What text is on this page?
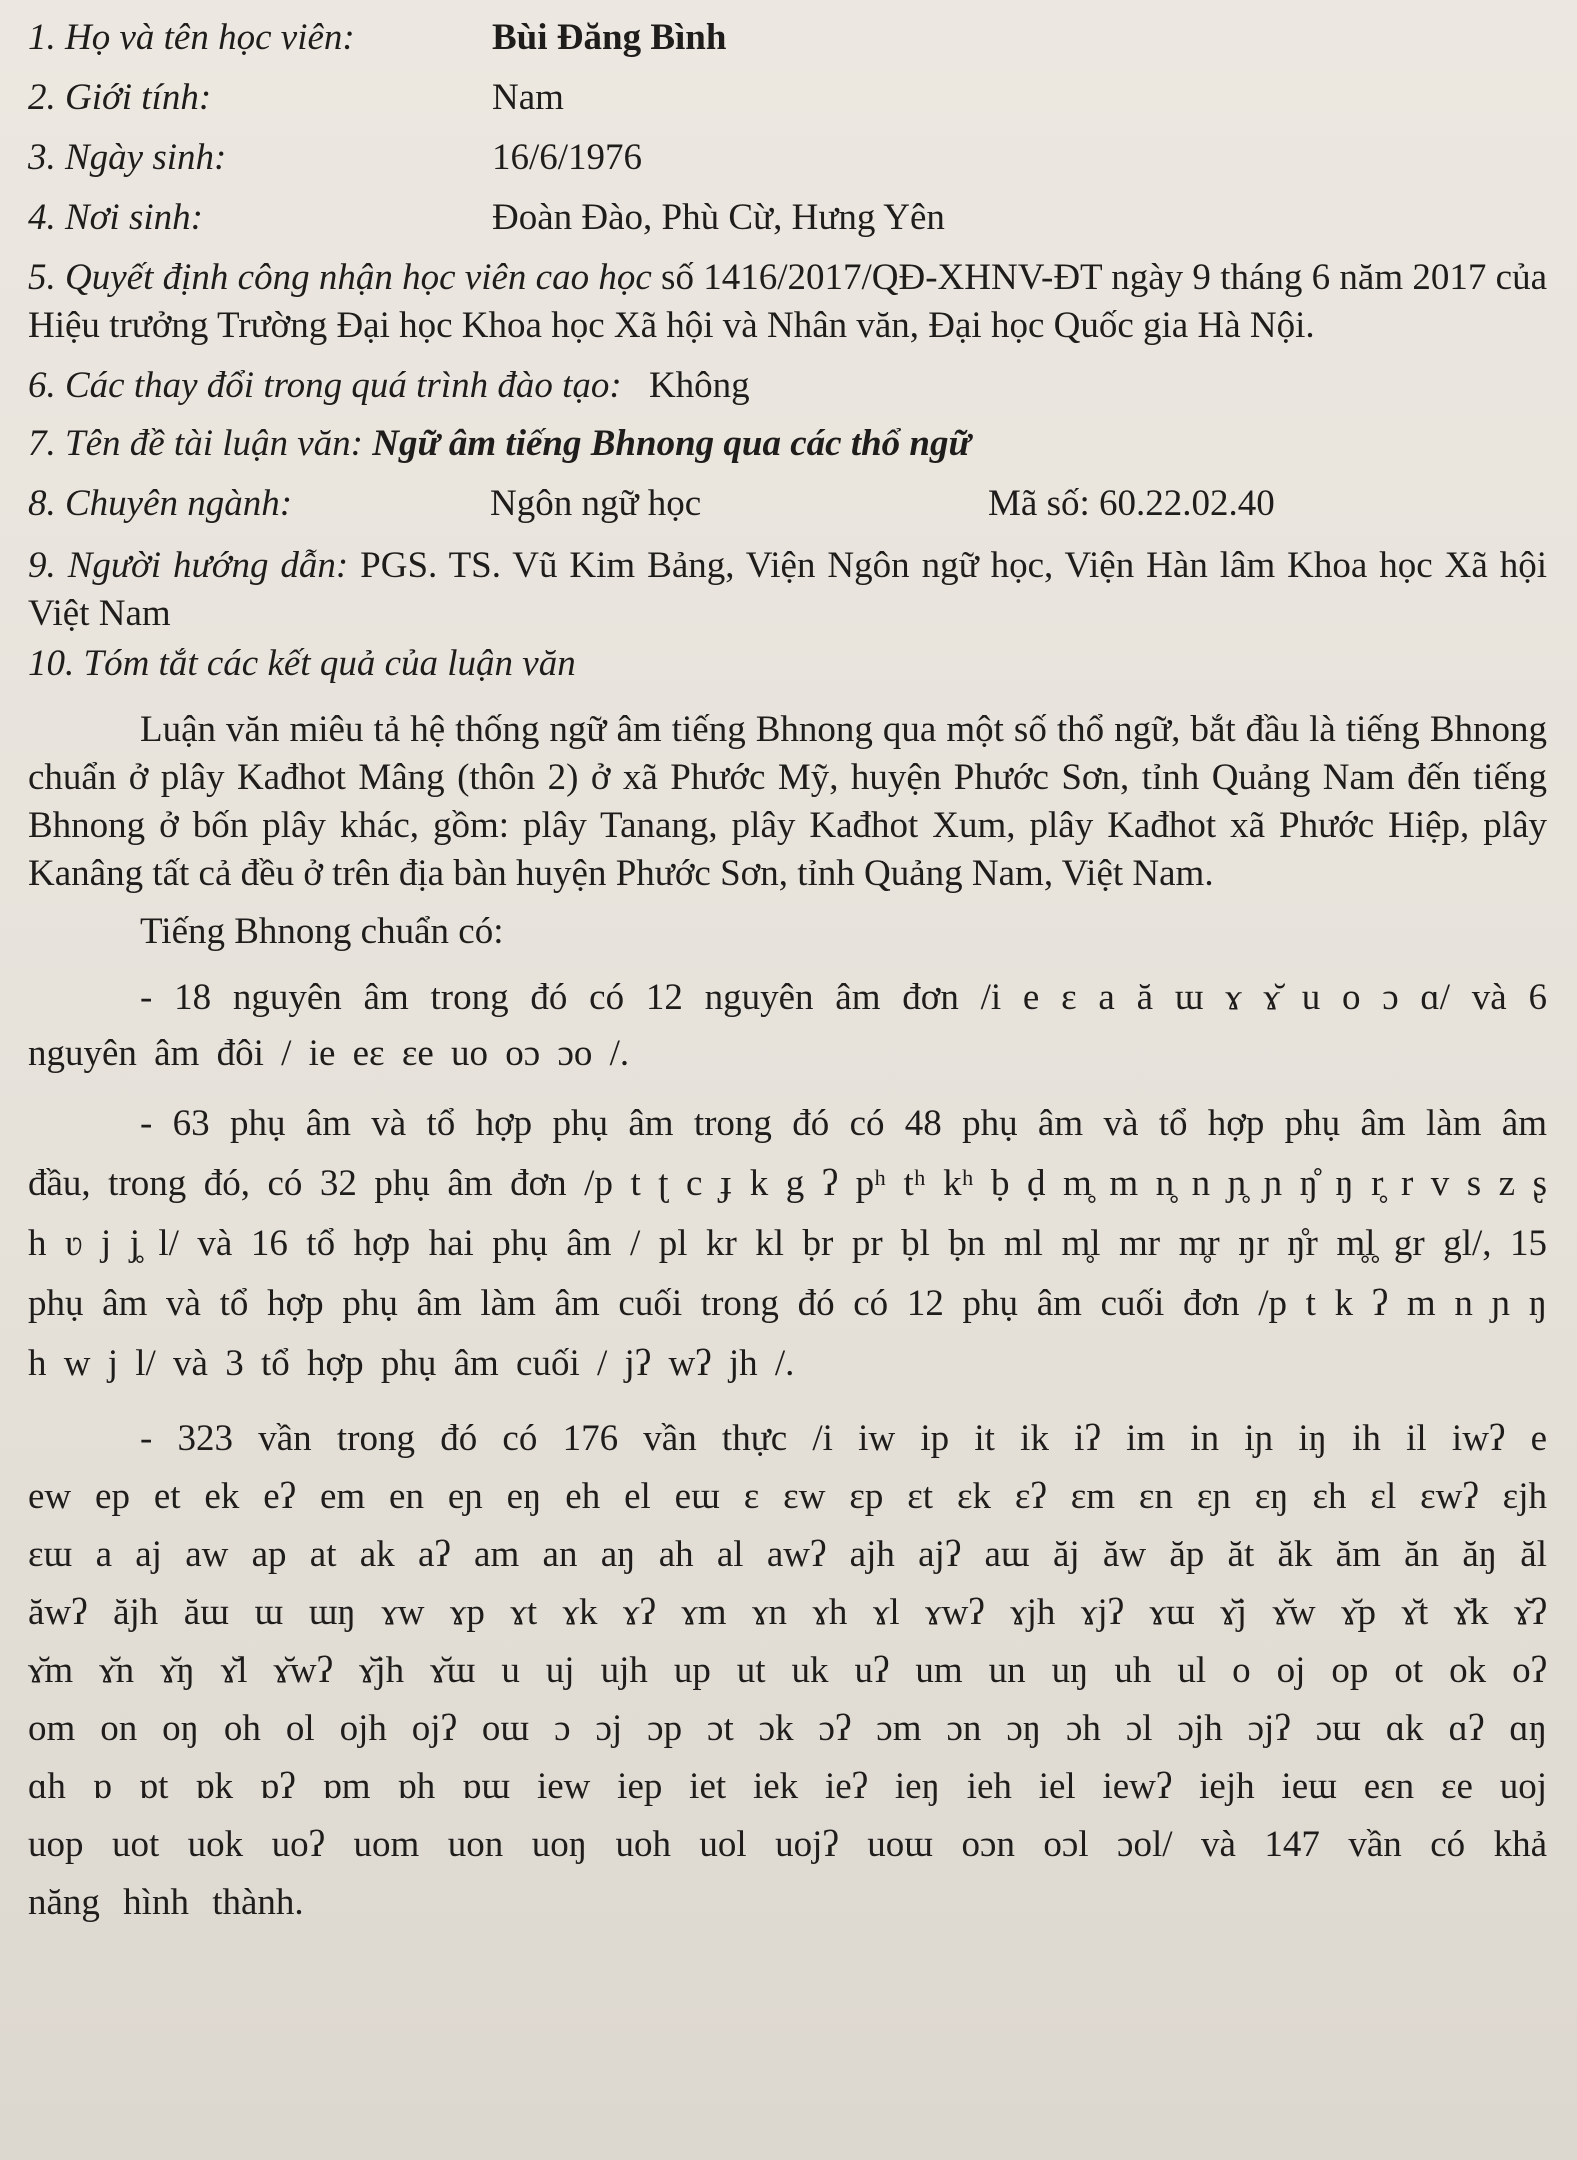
1. Họ và tên học viên:	Bùi Đăng Bình
2. Giới tính:	Nam
3. Ngày sinh:	16/6/1976
4. Nơi sinh:	Đoàn Đào, Phù Cừ, Hưng Yên
5. Quyết định công nhận học viên cao học số 1416/2017/QĐ-XHNV-ĐT ngày 9 tháng 6 năm 2017 của Hiệu trưởng Trường Đại học Khoa học Xã hội và Nhân văn, Đại học Quốc gia Hà Nội.
6. Các thay đổi trong quá trình đào tạo: Không
7. Tên đề tài luận văn: Ngữ âm tiếng Bhnong qua các thổ ngữ
8. Chuyên ngành:	Ngôn ngữ học	Mã số: 60.22.02.40
9. Người hướng dẫn: PGS. TS. Vũ Kim Bảng, Viện Ngôn ngữ học, Viện Hàn lâm Khoa học Xã hội Việt Nam
10. Tóm tắt các kết quả của luận văn
Luận văn miêu tả hệ thống ngữ âm tiếng Bhnong qua một số thổ ngữ, bắt đầu là tiếng Bhnong chuẩn ở plây Kađhot Mâng (thôn 2) ở xã Phước Mỹ, huyện Phước Sơn, tỉnh Quảng Nam đến tiếng Bhnong ở bốn plây khác, gồm: plây Tanang, plây Kađhot Xum, plây Kađhot xã Phước Hiệp, plây Kanâng tất cả đều ở trên địa bàn huyện Phước Sơn, tỉnh Quảng Nam, Việt Nam.
Tiếng Bhnong chuẩn có:
- 18 nguyên âm trong đó có 12 nguyên âm đơn /i e ɛ a ă ɯ ɤ ɤ̆ u o ɔ ɑ/ và 6 nguyên âm đôi / ie eɛ ɛe uo oɔ ɔo /.
- 63 phụ âm và tổ hợp phụ âm trong đó có 48 phụ âm và tổ hợp phụ âm làm âm đầu, trong đó, có 32 phụ âm đơn /p t ʈ c ɟ k g ʔ pʰ tʰ kʰ ḅ ḍ m̥ m n̥ n ɲ̥ ɲ ŋ̊ ŋ r̥ r v s z ʂ h ʋ j j̥ l/ và 16 tổ hợp hai phụ âm / pl kr kl ḅr pr ḅl ḅn ml m̥l mr m̥r ŋr ŋ̊r m̥l̥ gr gl/, 15 phụ âm và tổ hợp phụ âm làm âm cuối trong đó có 12 phụ âm cuối đơn /p t k ʔ m n ɲ ŋ h w j l/ và 3 tổ hợp phụ âm cuối / jʔ wʔ jh /.
- 323 vần trong đó có 176 vần thực /i iw ip it ik iʔ im in iɲ iŋ ih il iwʔ e ew ep et ek eʔ em en eɲ eŋ eh el eɯ ɛ ɛw ɛp ɛt ɛk ɛʔ ɛm ɛn ɛɲ ɛŋ ɛh ɛl ɛwʔ ɛjh ɛɯ a aj aw ap at ak aʔ am an aŋ ah al awʔ ajh ajʔ aɯ ăj ăw ăp ăt ăk ăm ăn ăŋ ăl ăwʔ ăjh ăɯ ɯ ɯŋ ɤw ɤp ɤt ɤk ɤʔ ɤm ɤn ɤh ɤl ɤwʔ ɤjh ɤjʔ ɤɯ ɤ̆j ɤ̆w ɤ̆p ɤ̆t ɤ̆k ɤ̆ʔ ɤ̆m ɤ̆n ɤ̆ŋ ɤ̆l ɤ̆wʔ ɤ̆jh ɤ̆ɯ u uj ujh up ut uk uʔ um un uŋ uh ul o oj op ot ok oʔ om on oŋ oh ol ojh ojʔ oɯ ɔ ɔj ɔp ɔt ɔk ɔʔ ɔm ɔn ɔŋ ɔh ɔl ɔjh ɔjʔ ɔɯ ɑk ɑʔ ɑŋ ɑh ɒ ɒt ɒk ɒʔ ɒm ɒh ɒɯ iew iep iet iek ieʔ ieŋ ieh iel iewʔ iejh ieɯ eɛn ɛe uoj uop uot uok uoʔ uom uon uoŋ uoh uol uojʔ uoɯ oɔn oɔl ɔol/ và 147 vần có khả năng hình thành.
